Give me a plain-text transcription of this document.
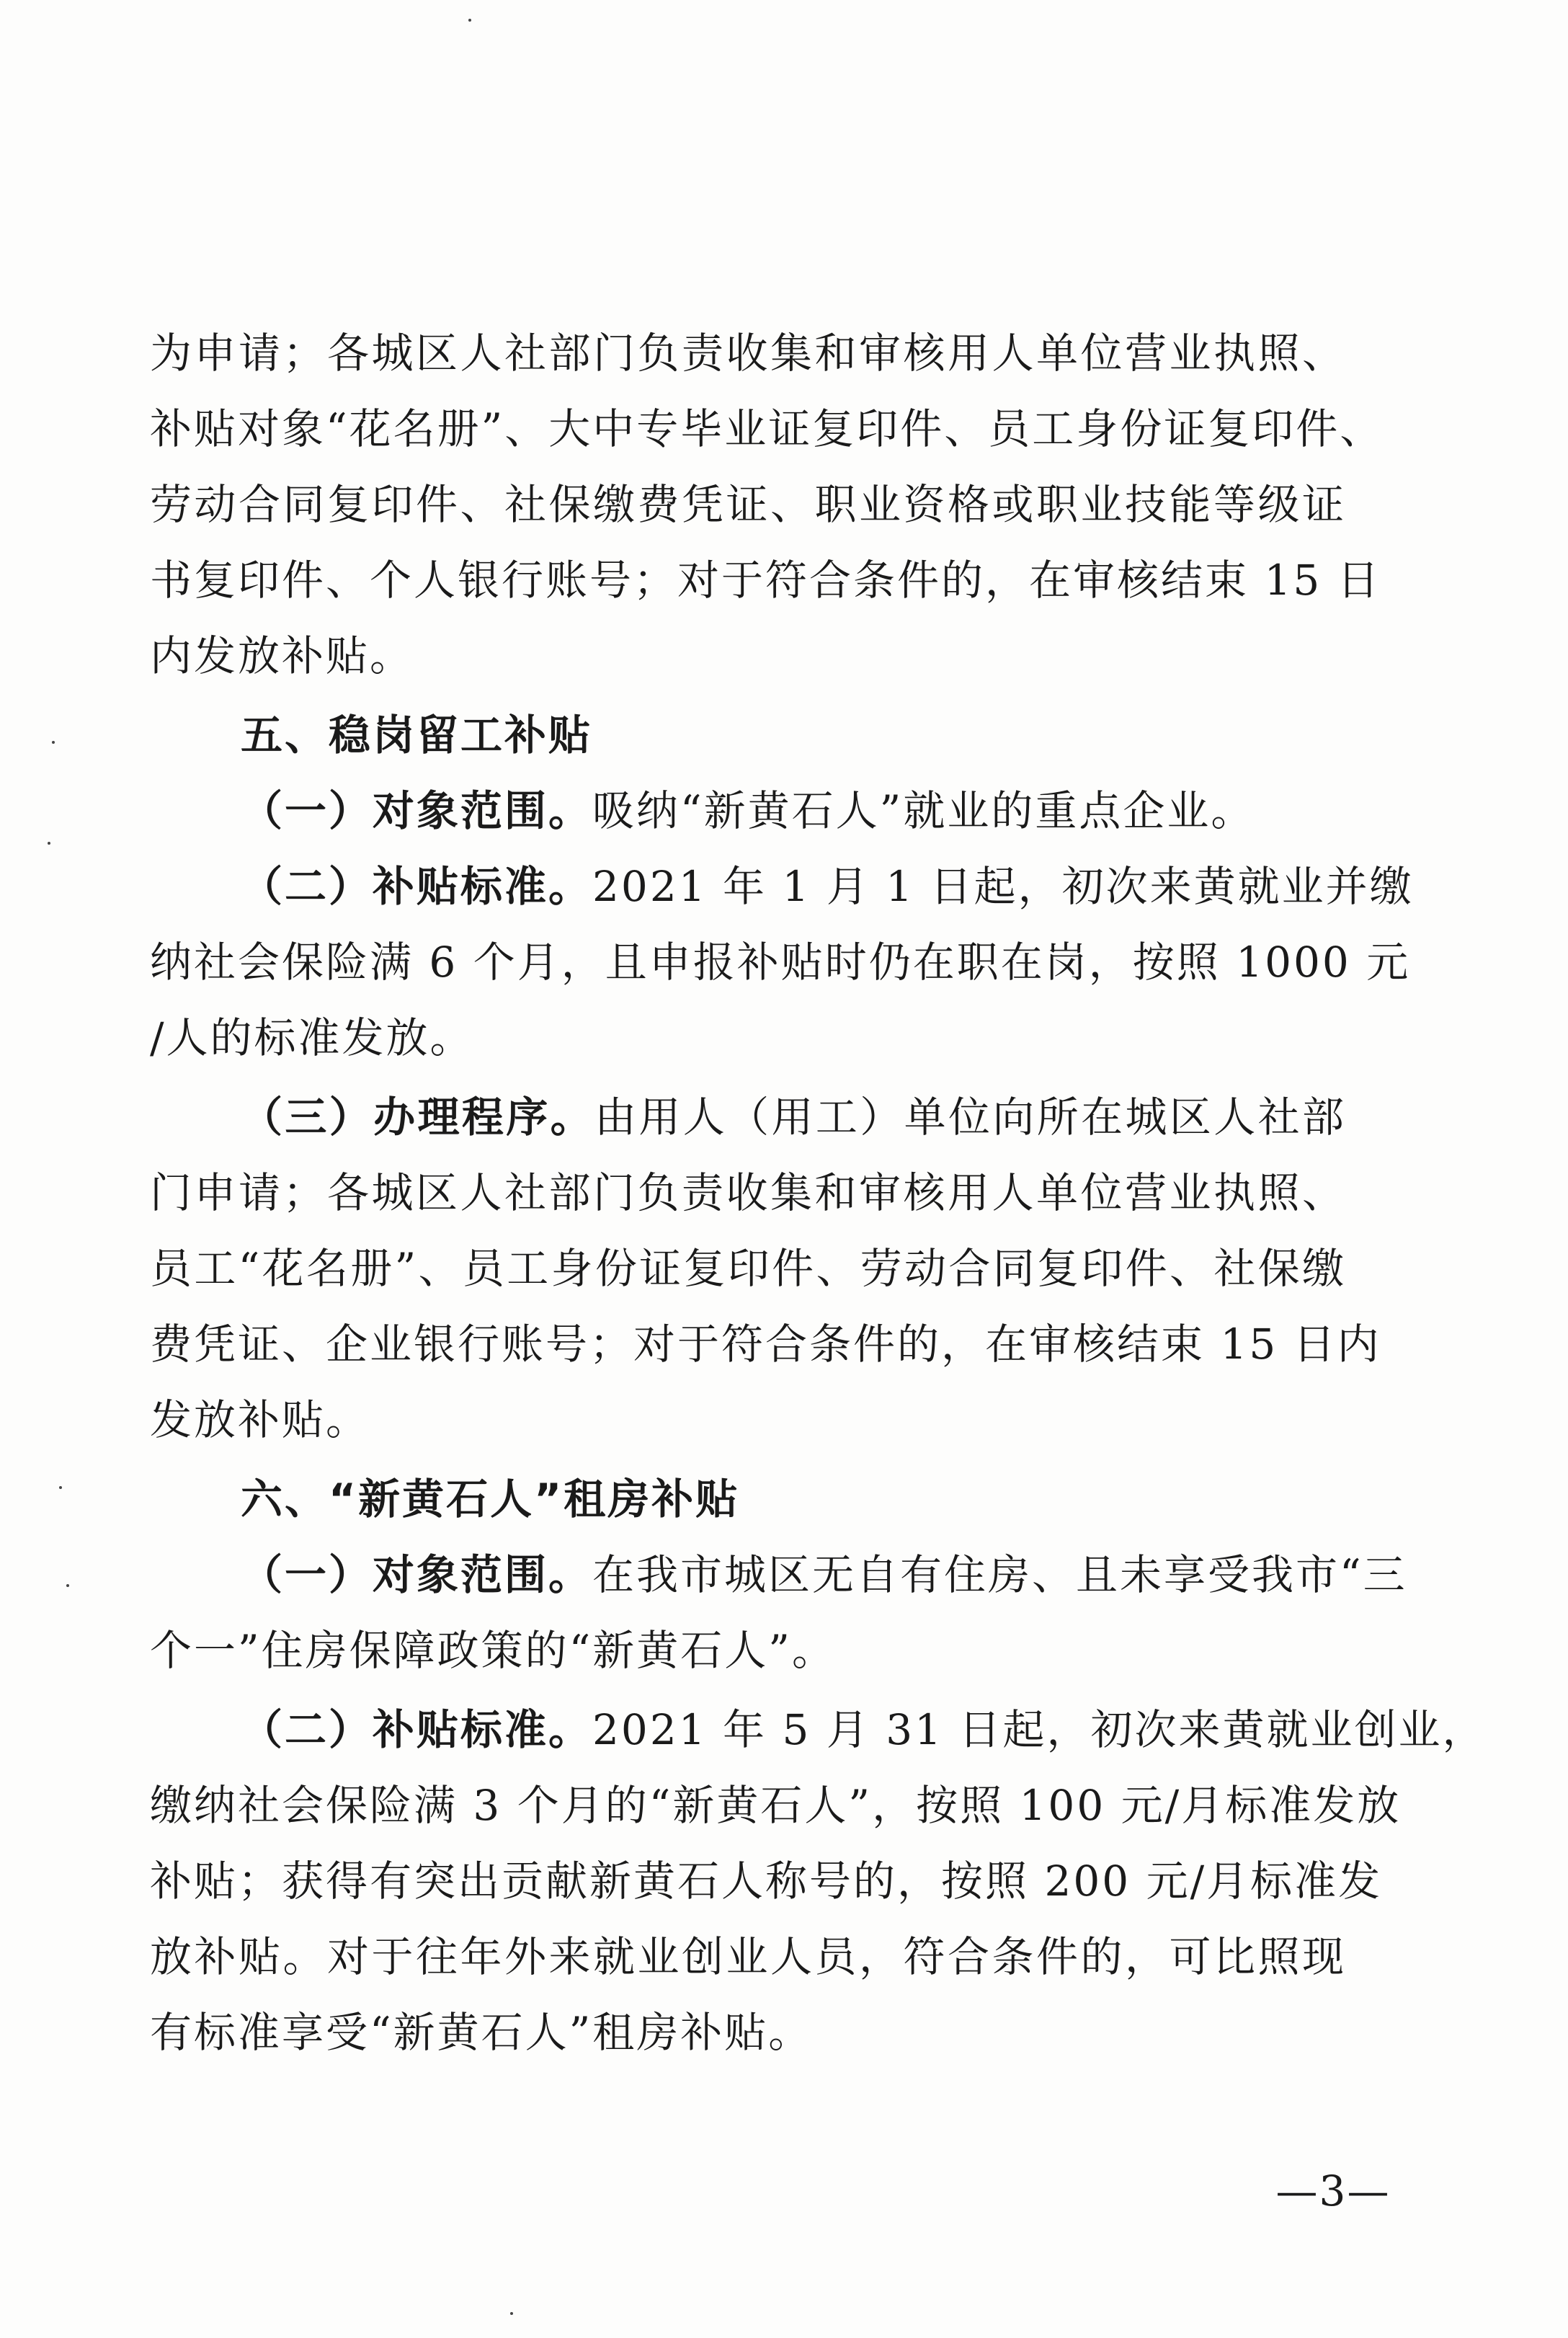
为申请；各城区人社部门负责收集和审核用人单位营业执照、
补贴对象“花名册”、大中专毕业证复印件、员工身份证复印件、
劳动合同复印件、社保缴费凭证、职业资格或职业技能等级证
书复印件、个人银行账号；对于符合条件的，在审核结束 15 日
内发放补贴。
五、稳岗留工补贴
（一）对象范围。吸纳“新黄石人”就业的重点企业。
（二）补贴标准。2021 年 1 月 1 日起，初次来黄就业并缴
纳社会保险满 6 个月，且申报补贴时仍在职在岗，按照 1000 元
/人的标准发放。
（三）办理程序。由用人（用工）单位向所在城区人社部
门申请；各城区人社部门负责收集和审核用人单位营业执照、
员工“花名册”、员工身份证复印件、劳动合同复印件、社保缴
费凭证、企业银行账号；对于符合条件的，在审核结束 15 日内
发放补贴。
六、“新黄石人”租房补贴
（一）对象范围。在我市城区无自有住房、且未享受我市“三
个一”住房保障政策的“新黄石人”。
（二）补贴标准。2021 年 5 月 31 日起，初次来黄就业创业，
缴纳社会保险满 3 个月的“新黄石人”，按照 100 元/月标准发放
补贴；获得有突出贡献新黄石人称号的，按照 200 元/月标准发
放补贴。对于往年外来就业创业人员，符合条件的，可比照现
有标准享受“新黄石人”租房补贴。
—3—
